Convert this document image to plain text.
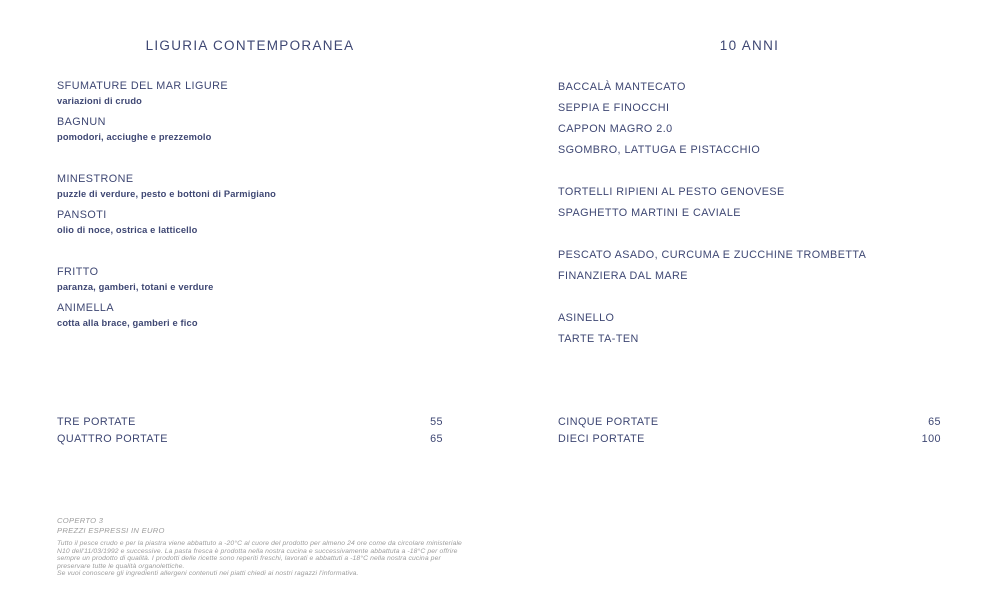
LIGURIA CONTEMPORANEA
SFUMATURE DEL MAR LIGURE
variazioni di crudo
BAGNUN
pomodori, acciughe e prezzemolo
MINESTRONE
puzzle di verdure, pesto e bottoni di Parmigiano
PANSOTI
olio di noce, ostrica e latticello
FRITTO
paranza, gamberi, totani e verdure
ANIMELLA
cotta alla brace, gamberi e fico
10 ANNI
BACCALÀ MANTECATO
SEPPIA E FINOCCHI
CAPPON MAGRO 2.0
SGOMBRO, LATTUGA E PISTACCHIO
TORTELLI RIPIENI AL PESTO GENOVESE
SPAGHETTO MARTINI E CAVIALE
PESCATO ASADO, CURCUMA E ZUCCHINE TROMBETTA
FINANZIERA DAL MARE
ASINELLO
TARTE TA-TEN
TRE PORTATE	55
QUATTRO PORTATE	65
CINQUE PORTATE	65
DIECI PORTATE	100
COPERTO 3
PREZZI ESPRESSI IN EURO
Tutto il pesce crudo e per la piastra viene abbattuto a -20°C al cuore del prodotto per almeno 24 ore come da circolare ministeriale
N10 dell'11/03/1992 e successive. La pasta fresca è prodotta nella nostra cucina e successivamente abbattuta a -18°C per offrire
sempre un prodotto di qualità. I prodotti delle ricette sono reperiti freschi, lavorati e abbattuti a -18°C nella nostra cucina per
preservare tutte le qualità organolettiche.
Se vuoi conoscere gli ingredienti allergeni contenuti nei piatti chiedi ai nostri ragazzi l'informativa.
